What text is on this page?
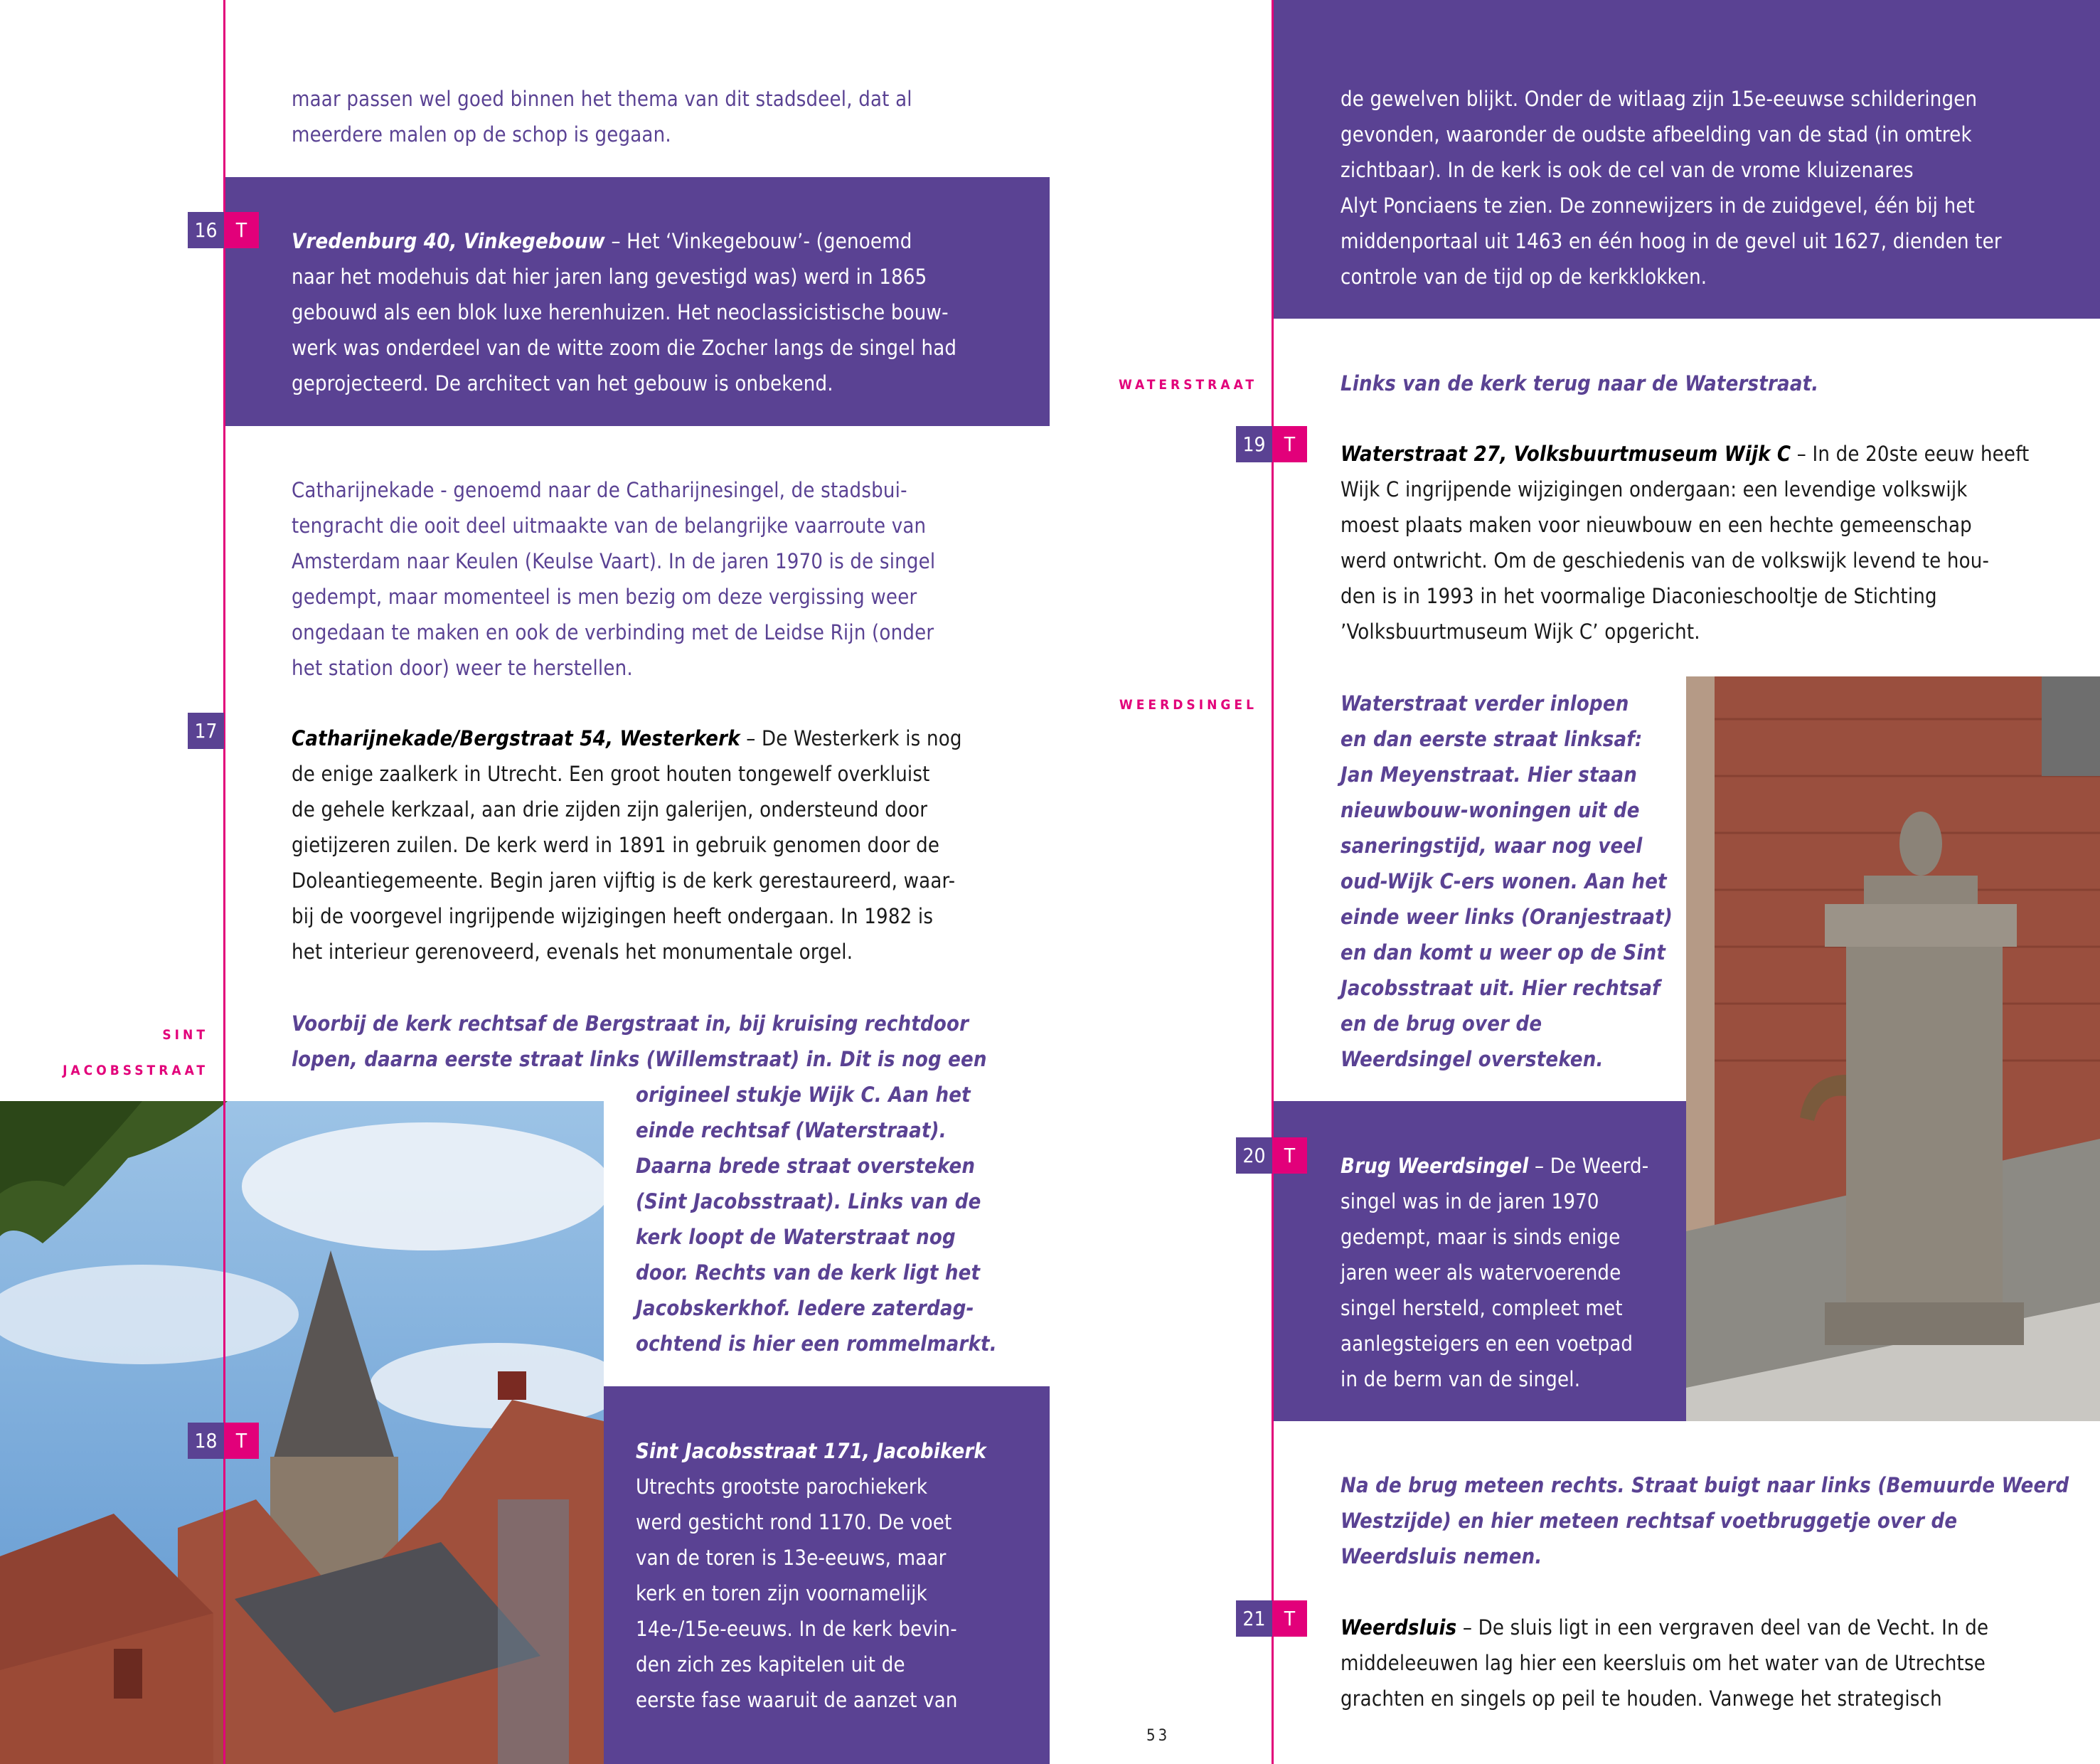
maar passen wel goed binnen het thema van dit stadsdeel, dat al
meerdere malen op de schop is gegaan.
16 T	Vredenburg 40, Vinkegebouw – Het ‘Vinkegebouw’- (genoemd
naar het modehuis dat hier jaren lang gevestigd was) werd in 1865
gebouwd als een blok luxe herenhuizen. Het neoclassicistische bouw-
werk was onderdeel van de witte zoom die Zocher langs de singel had
geprojecteerd. De architect van het gebouw is onbekend.
Catharijnekade - genoemd naar de Catharijnesingel, de stadsbui-
tengracht die ooit deel uitmaakte van de belangrijke vaarroute van
Amsterdam naar Keulen (Keulse Vaart). In de jaren 1970 is de singel
gedempt, maar momenteel is men bezig om deze vergissing weer
ongedaan te maken en ook de verbinding met de Leidse Rijn (onder
het station door) weer te herstellen.
17	Catharijnekade/Bergstraat 54, Westerkerk – De Westerkerk is nog
de enige zaalkerk in Utrecht. Een groot houten tongewelf overkluist
de gehele kerkzaal, aan drie zijden zijn galerijen, ondersteund door
gietijzeren zuilen. De kerk werd in 1891 in gebruik genomen door de
Doleantiegemeente. Begin jaren vijftig is de kerk gerestaureerd, waar-
bij de voorgevel ingrijpende wijzigingen heeft ondergaan. In 1982 is
het interieur gerenoveerd, evenals het monumentale orgel.
SINT
JACOBSSTRAAT
Voorbij de kerk rechtsaf de Bergstraat in, bij kruising rechtdoor
lopen, daarna eerste straat links (Willemstraat) in. Dit is nog een
origineel stukje Wijk C. Aan het
einde rechtsaf (Waterstraat).
Daarna brede straat oversteken
(Sint Jacobsstraat). Links van de
kerk loopt de Waterstraat nog
door. Rechts van de kerk ligt het
Jacobskerkhof. Iedere zaterdag-
ochtend is hier een rommelmarkt.
18 T	Sint Jacobsstraat 171, Jacobikerk
Utrechts grootste parochiekerk
werd gesticht rond 1170. De voet
van de toren is 13e-eeuws, maar
kerk en toren zijn voornamelijk
14e-/15e-eeuws. In de kerk bevin-
den zich zes kapitelen uit de
eerste fase waaruit de aanzet van
53
de gewelven blijkt. Onder de witlaag zijn 15e-eeuwse schilderingen
gevonden, waaronder de oudste afbeelding van de stad (in omtrek
zichtbaar). In de kerk is ook de cel van de vrome kluizenares
Alyt Ponciaens te zien. De zonnewijzers in de zuidgevel, één bij het
middenportaal uit 1463 en één hoog in de gevel uit 1627, dienden ter
controle van de tijd op de kerkklokken.
WATERSTRAAT	Links van de kerk terug naar de Waterstraat.
19 T	Waterstraat 27, Volksbuurtmuseum Wijk C – In de 20ste eeuw heeft
Wijk C ingrijpende wijzigingen ondergaan: een levendige volkswijk
moest plaats maken voor nieuwbouw en een hechte gemeenschap
werd ontwricht. Om de geschiedenis van de volkswijk levend te hou-
den is in 1993 in het voormalige Diaconieschooltje de Stichting
’Volksbuurtmuseum Wijk C’ opgericht.
WEERDSINGEL	Waterstraat verder inlopen
en dan eerste straat linksaf:
Jan Meyenstraat. Hier staan
nieuwbouw-woningen uit de
saneringstijd, waar nog veel
oud-Wijk C-ers wonen. Aan het
einde weer links (Oranjestraat)
en dan komt u weer op de Sint
Jacobsstraat uit. Hier rechtsaf
en de brug over de
Weerdsingel oversteken.
20 T	Brug Weerdsingel – De Weerd-
singel was in de jaren 1970
gedempt, maar is sinds enige
jaren weer als watervoerende
singel hersteld, compleet met
aanlegsteigers en een voetpad
in de berm van de singel.
Na de brug meteen rechts. Straat buigt naar links (Bemuurde Weerd
Westzijde) en hier meteen rechtsaf voetbruggetje over de
Weerdsluis nemen.
21 T	Weerdsluis – De sluis ligt in een vergraven deel van de Vecht. In de
middeleeuwen lag hier een keersluis om het water van de Utrechtse
grachten en singels op peil te houden. Vanwege het strategisch
